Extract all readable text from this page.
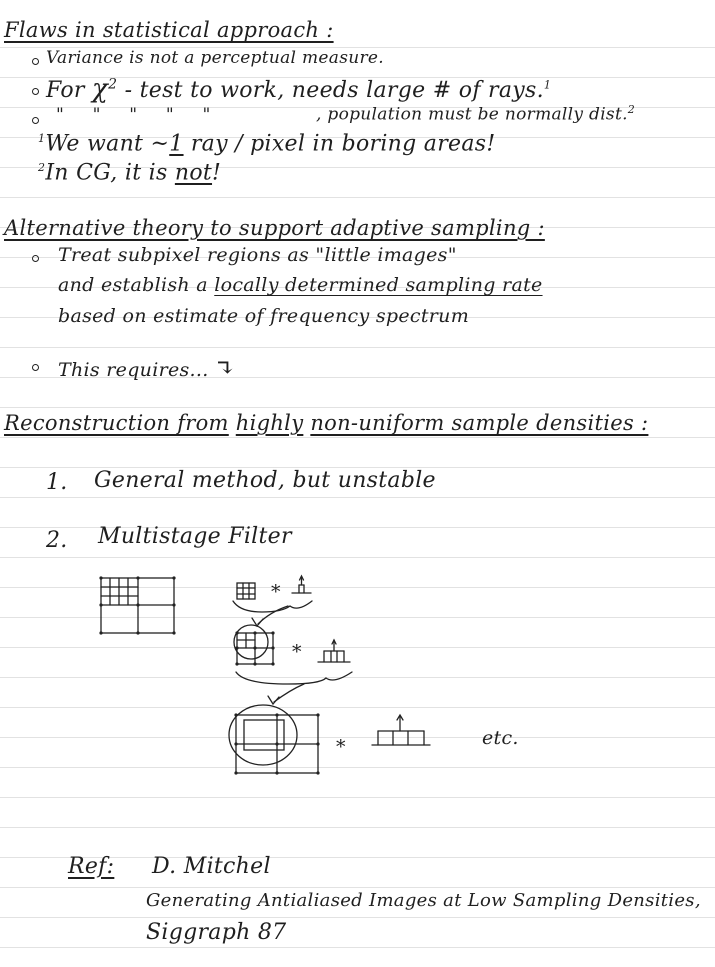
Flaws in statistical approach :
Variance is not a perceptual measure.
For $\chi^2$ - test to work, needs large # of rays.$^1$
"     "     "     "     "	, population must be normally dist.$^2$
$^1$We want ~1 ray / pixel in boring areas!
$^2$In CG, it is not!
Alternative theory to support adaptive sampling :
Treat subpixel regions as "little images"
and establish a locally determined sampling rate
based on estimate of frequency spectrum
This requires... ↴
Reconstruction from highly non-uniform sample densities :
1. General method, but unstable
2. Multistage Filter
*
*
*	etc.
Ref: D. Mitchel
Generating Antialiased Images at Low Sampling Densities,
Siggraph 87
